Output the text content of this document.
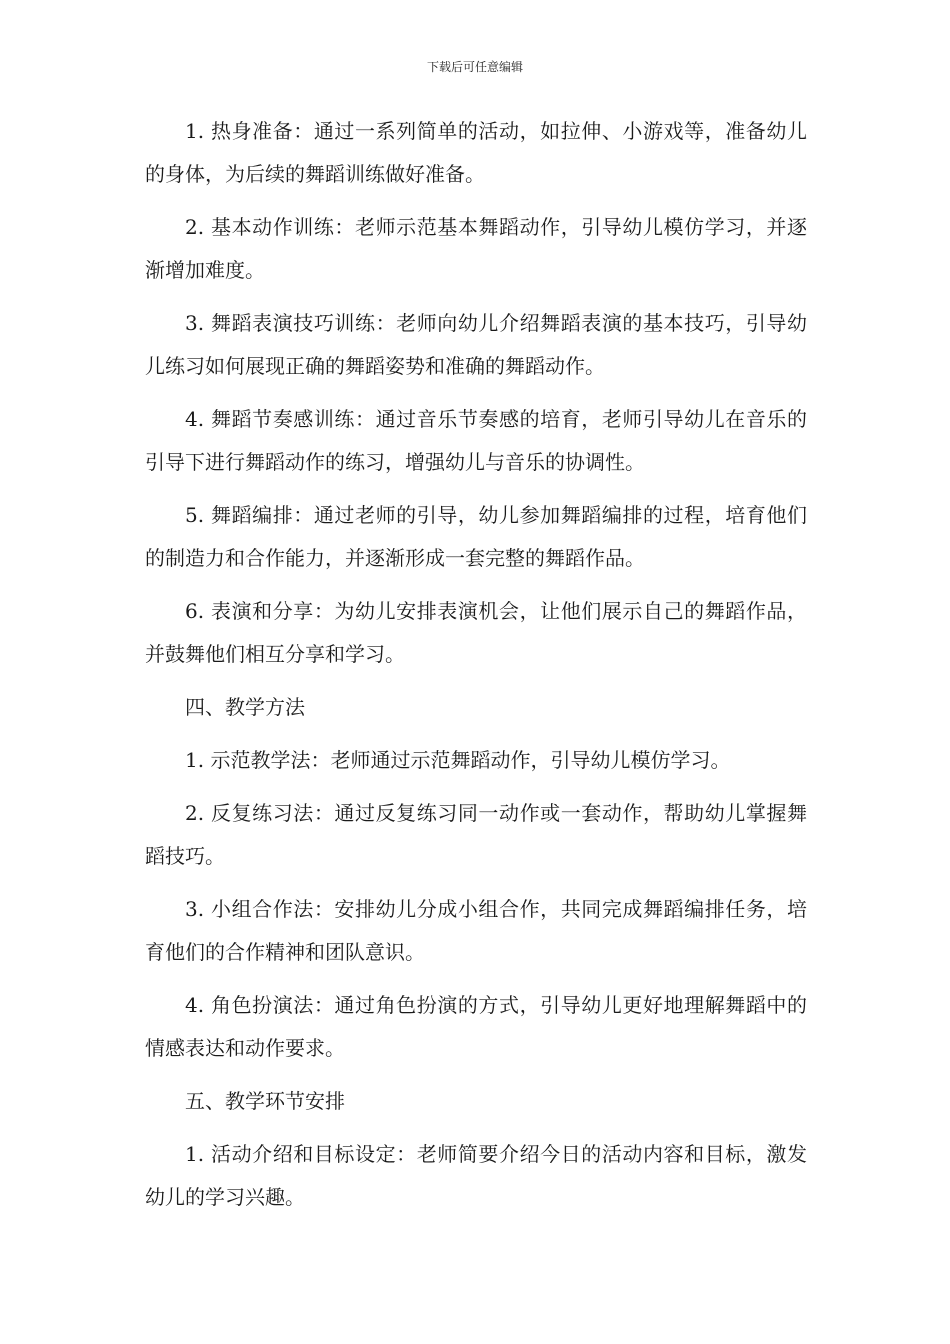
下载后可任意编辑

1. 热身准备：通过一系列简单的活动，如拉伸、小游戏等，准备幼儿的身体，为后续的舞蹈训练做好准备。

2. 基本动作训练：老师示范基本舞蹈动作，引导幼儿模仿学习，并逐渐增加难度。

3. 舞蹈表演技巧训练：老师向幼儿介绍舞蹈表演的基本技巧，引导幼儿练习如何展现正确的舞蹈姿势和准确的舞蹈动作。

4. 舞蹈节奏感训练：通过音乐节奏感的培育，老师引导幼儿在音乐的引导下进行舞蹈动作的练习，增强幼儿与音乐的协调性。

5. 舞蹈编排：通过老师的引导，幼儿参加舞蹈编排的过程，培育他们的制造力和合作能力，并逐渐形成一套完整的舞蹈作品。

6. 表演和分享：为幼儿安排表演机会，让他们展示自己的舞蹈作品，并鼓舞他们相互分享和学习。

四、教学方法

1. 示范教学法：老师通过示范舞蹈动作，引导幼儿模仿学习。

2. 反复练习法：通过反复练习同一动作或一套动作，帮助幼儿掌握舞蹈技巧。

3. 小组合作法：安排幼儿分成小组合作，共同完成舞蹈编排任务，培育他们的合作精神和团队意识。

4. 角色扮演法：通过角色扮演的方式，引导幼儿更好地理解舞蹈中的情感表达和动作要求。

五、教学环节安排

1. 活动介绍和目标设定：老师简要介绍今日的活动内容和目标，激发幼儿的学习兴趣。
